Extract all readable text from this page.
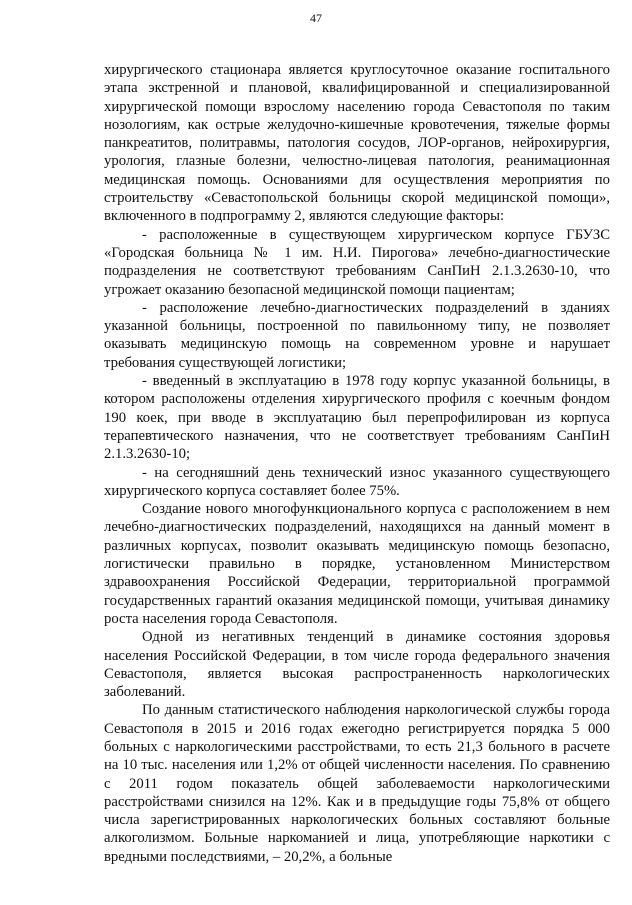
47

хирургического стационара является круглосуточное оказание госпитального этапа экстренной и плановой, квалифицированной и специализированной хирургической помощи взрослому населению города Севастополя по таким нозологиям, как острые желудочно-кишечные кровотечения, тяжелые формы панкреатитов, политравмы, патология сосудов, ЛОР-органов, нейрохирургия, урология, глазные болезни, челюстно-лицевая патология, реанимационная медицинская помощь. Основаниями для осуществления мероприятия по строительству «Севастопольской больницы скорой медицинской помощи», включенного в подпрограмму 2, являются следующие факторы:

- расположенные в существующем хирургическом корпусе ГБУЗС «Городская больница № 1 им. Н.И. Пирогова» лечебно-диагностические подразделения не соответствуют требованиям СанПиН 2.1.3.2630-10, что угрожает оказанию безопасной медицинской помощи пациентам;

- расположение лечебно-диагностических подразделений в зданиях указанной больницы, построенной по павильонному типу, не позволяет оказывать медицинскую помощь на современном уровне и нарушает требования существующей логистики;

- введенный в эксплуатацию в 1978 году корпус указанной больницы, в котором расположены отделения хирургического профиля с коечным фондом 190 коек, при вводе в эксплуатацию был перепрофилирован из корпуса терапевтического назначения, что не соответствует требованиям СанПиН 2.1.3.2630-10;

- на сегодняшний день технический износ указанного существующего хирургического корпуса составляет более 75%.

Создание нового многофункционального корпуса с расположением в нем лечебно-диагностических подразделений, находящихся на данный момент в различных корпусах, позволит оказывать медицинскую помощь безопасно, логистически правильно в порядке, установленном Министерством здравоохранения Российской Федерации, территориальной программой государственных гарантий оказания медицинской помощи, учитывая динамику роста населения города Севастополя.

Одной из негативных тенденций в динамике состояния здоровья населения Российской Федерации, в том числе города федерального значения Севастополя, является высокая распространенность наркологических заболеваний.

По данным статистического наблюдения наркологической службы города Севастополя в 2015 и 2016 годах ежегодно регистрируется порядка 5 000 больных с наркологическими расстройствами, то есть 21,3 больного в расчете на 10 тыс. населения или 1,2% от общей численности населения. По сравнению с 2011 годом показатель общей заболеваемости наркологическими расстройствами снизился на 12%. Как и в предыдущие годы 75,8% от общего числа зарегистрированных наркологических больных составляют больные алкоголизмом. Больные наркоманией и лица, употребляющие наркотики с вредными последствиями, – 20,2%, а больные
